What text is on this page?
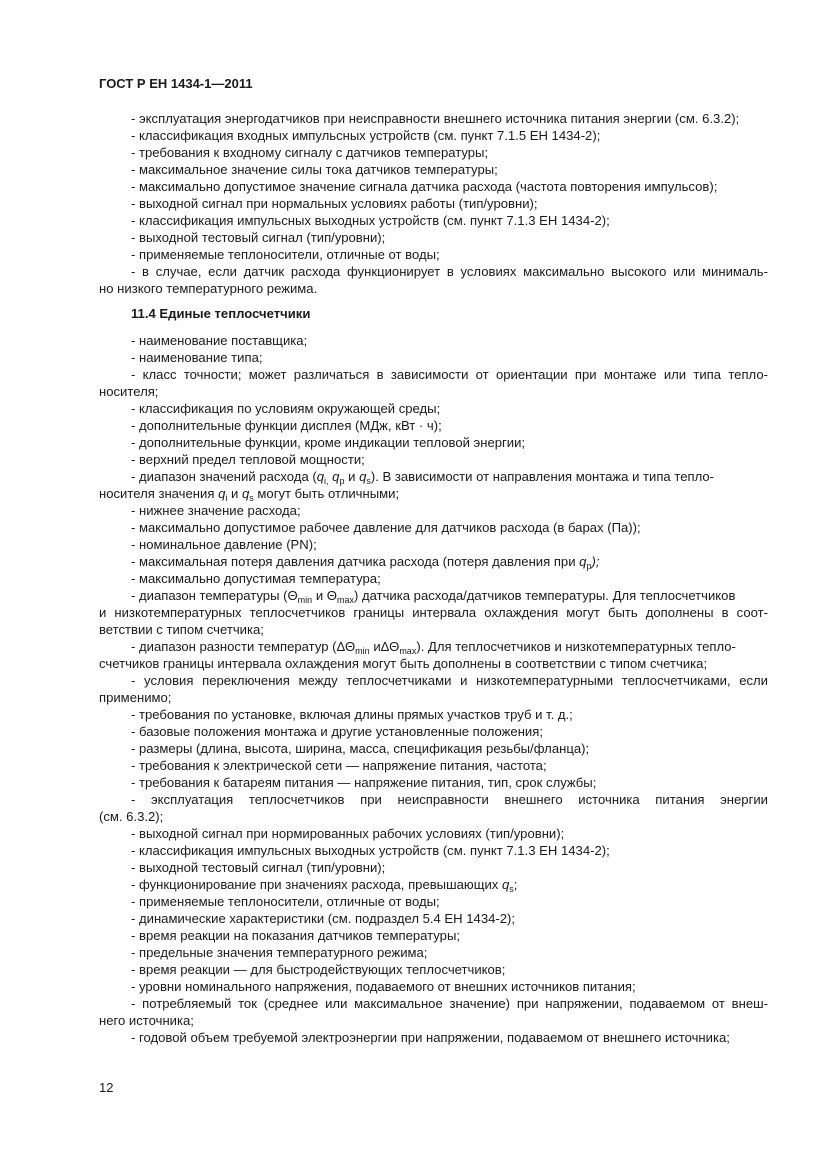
ГОСТ Р ЕН 1434-1—2011
- эксплуатация энергодатчиков при неисправности внешнего источника питания энергии (см. 6.3.2);
- классификация входных импульсных устройств (см. пункт 7.1.5 ЕН 1434-2);
- требования к входному сигналу с датчиков температуры;
- максимальное значение силы тока датчиков температуры;
- максимально допустимое значение сигнала датчика расхода (частота повторения импульсов);
- выходной сигнал при нормальных условиях работы (тип/уровни);
- классификация импульсных выходных устройств (см. пункт 7.1.3 ЕН 1434-2);
- выходной тестовый сигнал (тип/уровни);
- применяемые теплоносители, отличные от воды;
- в случае, если датчик расхода функционирует в условиях максимально высокого или минималь-
но низкого температурного режима.
11.4 Единые теплосчетчики
- наименование поставщика;
- наименование типа;
- класс точности; может различаться в зависимости от ориентации при монтаже или типа тепло-
носителя;
- классификация по условиям окружающей среды;
- дополнительные функции дисплея (МДж, кВт · ч);
- дополнительные функции, кроме индикации тепловой энергии;
- верхний предел тепловой мощности;
- диапазон значений расхода ($q_{i,}$ $q_p$ и $q_s$). В зависимости от направления монтажа и типа тепло-
носителя значения $q_i$ и $q_s$ могут быть отличными;
- нижнее значение расхода;
- максимально допустимое рабочее давление для датчиков расхода (в барах (Па));
- номинальное давление (PN);
- максимальная потеря давления датчика расхода (потеря давления при $q_p$);
- максимально допустимая температура;
- диапазон температуры ($\Theta_{min}$ и $\Theta_{max}$) датчика расхода/датчиков температуры. Для теплосчетчиков
и низкотемпературных теплосчетчиков границы интервала охлаждения могут быть дополнены в соот-
ветствии с типом счетчика;
- диапазон разности температур ($\Delta\Theta_{min}$ иΔΘ$_{max}$). Для теплосчетчиков и низкотемпературных тепло-
счетчиков границы интервала охлаждения могут быть дополнены в соответствии с типом счетчика;
- условия переключения между теплосчетчиками и низкотемпературными теплосчетчиками, если
применимо;
- требования по установке, включая длины прямых участков труб и т. д.;
- базовые положения монтажа и другие установленные положения;
- размеры (длина, высота, ширина, масса, спецификация резьбы/фланца);
- требования к электрической сети — напряжение питания, частота;
- требования к батареям питания — напряжение питания, тип, срок службы;
- эксплуатация теплосчетчиков при неисправности внешнего источника питания энергии
(см. 6.3.2);
- выходной сигнал при нормированных рабочих условиях (тип/уровни);
- классификация импульсных выходных устройств (см. пункт 7.1.3 ЕН 1434-2);
- выходной тестовый сигнал (тип/уровни);
- функционирование при значениях расхода, превышающих $q_s$;
- применяемые теплоносители, отличные от воды;
- динамические характеристики (см. подраздел 5.4 ЕН 1434-2);
- время реакции на показания датчиков температуры;
- предельные значения температурного режима;
- время реакции — для быстродействующих теплосчетчиков;
- уровни номинального напряжения, подаваемого от внешних источников питания;
- потребляемый ток (среднее или максимальное значение) при напряжении, подаваемом от внеш-
него источника;
- годовой объем требуемой электроэнергии при напряжении, подаваемом от внешнего источника;
12
